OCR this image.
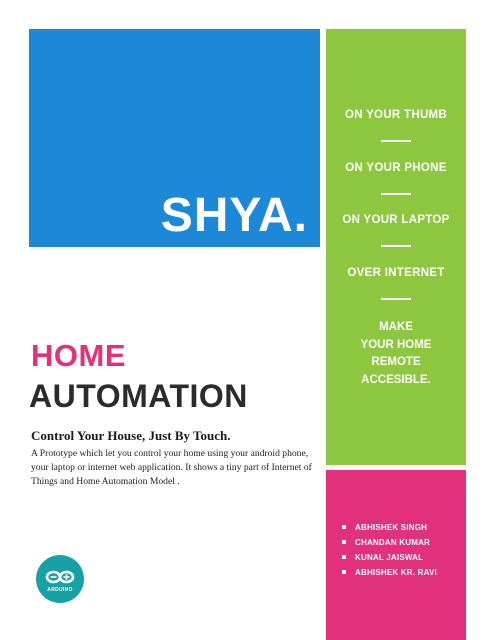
SHYA.
ON YOUR THUMB
ON YOUR PHONE
ON YOUR LAPTOP
OVER INTERNET
MAKE
YOUR HOME
REMOTE
ACCESIBLE.
HOME
AUTOMATION
Control Your House, Just By Touch.
A Prototype which let you control your home using your android phone, your laptop or internet web application. It shows a tiny part of Internet of Things and Home Automation Model .
ARDUINO
ABHISHEK SINGH
CHANDAN KUMAR
KUNAL JAISWAL
ABHISHEK KR. RAVI
